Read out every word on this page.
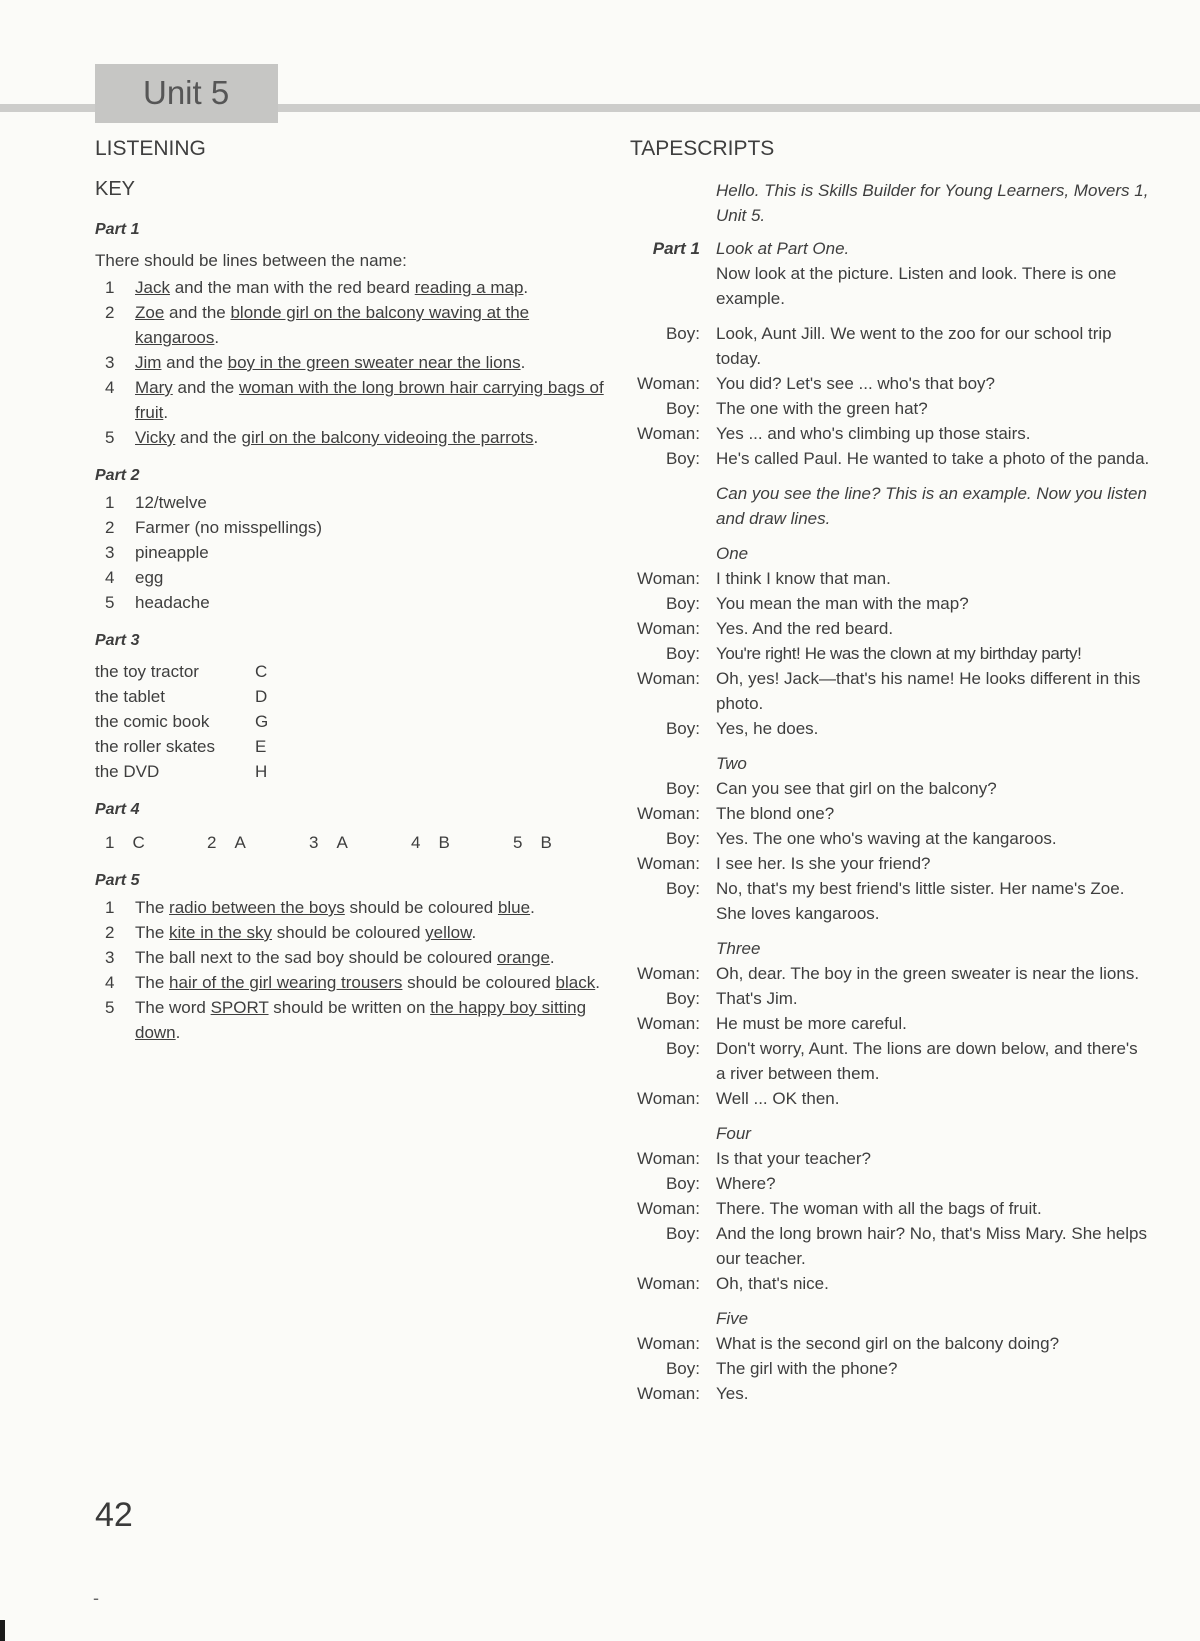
Unit 5
LISTENING
KEY
Part 1
There should be lines between the name:
1	Jack and the man with the red beard reading a map.
2	Zoe and the blonde girl on the balcony waving at the kangaroos.
3	Jim and the boy in the green sweater near the lions.
4	Mary and the woman with the long brown hair carrying bags of fruit.
5	Vicky and the girl on the balcony videoing the parrots.
Part 2
1	12/twelve
2	Farmer (no misspellings)
3	pineapple
4	egg
5	headache
Part 3
the toy tractor	C
the tablet	D
the comic book	G
the roller skates	E
the DVD	H
Part 4
1 C	2 A	3 A	4 B	5 B
Part 5
1	The radio between the boys should be coloured blue.
2	The kite in the sky should be coloured yellow.
3	The ball next to the sad boy should be coloured orange.
4	The hair of the girl wearing trousers should be coloured black.
5	The word SPORT should be written on the happy boy sitting down.
TAPESCRIPTS
Hello. This is Skills Builder for Young Learners, Movers 1, Unit 5.
Part 1 Look at Part One.
Now look at the picture. Listen and look. There is one example.
Boy: Look, Aunt Jill. We went to the zoo for our school trip today.
Woman: You did? Let's see ... who's that boy?
Boy: The one with the green hat?
Woman: Yes ... and who's climbing up those stairs.
Boy: He's called Paul. He wanted to take a photo of the panda.
Can you see the line? This is an example. Now you listen and draw lines.
One
Woman: I think I know that man.
Boy: You mean the man with the map?
Woman: Yes. And the red beard.
Boy: You're right! He was the clown at my birthday party!
Woman: Oh, yes! Jack—that's his name! He looks different in this photo.
Boy: Yes, he does.
Two
Boy: Can you see that girl on the balcony?
Woman: The blond one?
Boy: Yes. The one who's waving at the kangaroos.
Woman: I see her. Is she your friend?
Boy: No, that's my best friend's little sister. Her name's Zoe. She loves kangaroos.
Three
Woman: Oh, dear. The boy in the green sweater is near the lions.
Boy: That's Jim.
Woman: He must be more careful.
Boy: Don't worry, Aunt. The lions are down below, and there's a river between them.
Woman: Well ... OK then.
Four
Woman: Is that your teacher?
Boy: Where?
Woman: There. The woman with all the bags of fruit.
Boy: And the long brown hair? No, that's Miss Mary. She helps our teacher.
Woman: Oh, that's nice.
Five
Woman: What is the second girl on the balcony doing?
Boy: The girl with the phone?
Woman: Yes.
42
-
